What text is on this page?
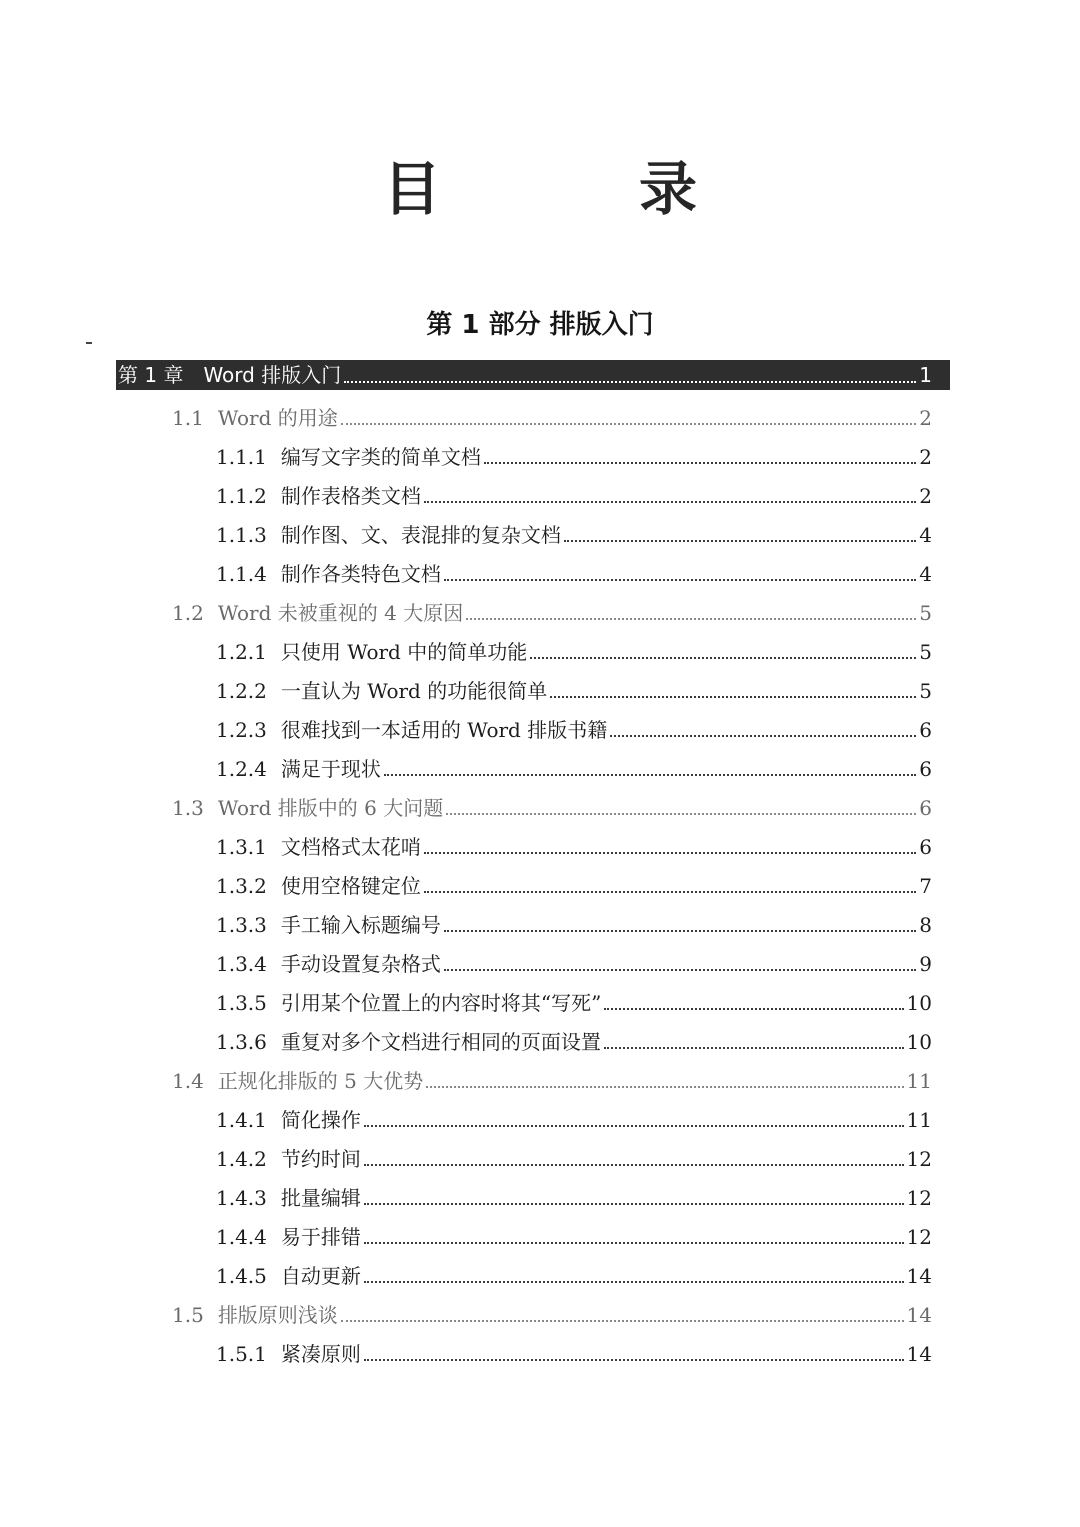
目　录
第 1 部分 排版入门
第 1 章 Word 排版入门	1
1.1 Word 的用途	2
1.1.1 编写文字类的简单文档	2
1.1.2 制作表格类文档	2
1.1.3 制作图、文、表混排的复杂文档	4
1.1.4 制作各类特色文档	4
1.2 Word 未被重视的 4 大原因	5
1.2.1 只使用 Word 中的简单功能	5
1.2.2 一直认为 Word 的功能很简单	5
1.2.3 很难找到一本适用的 Word 排版书籍	6
1.2.4 满足于现状	6
1.3 Word 排版中的 6 大问题	6
1.3.1 文档格式太花哨	6
1.3.2 使用空格键定位	7
1.3.3 手工输入标题编号	8
1.3.4 手动设置复杂格式	9
1.3.5 引用某个位置上的内容时将其“写死”	10
1.3.6 重复对多个文档进行相同的页面设置	10
1.4 正规化排版的 5 大优势	11
1.4.1 简化操作	11
1.4.2 节约时间	12
1.4.3 批量编辑	12
1.4.4 易于排错	12
1.4.5 自动更新	14
1.5 排版原则浅谈	14
1.5.1 紧凑原则	14
